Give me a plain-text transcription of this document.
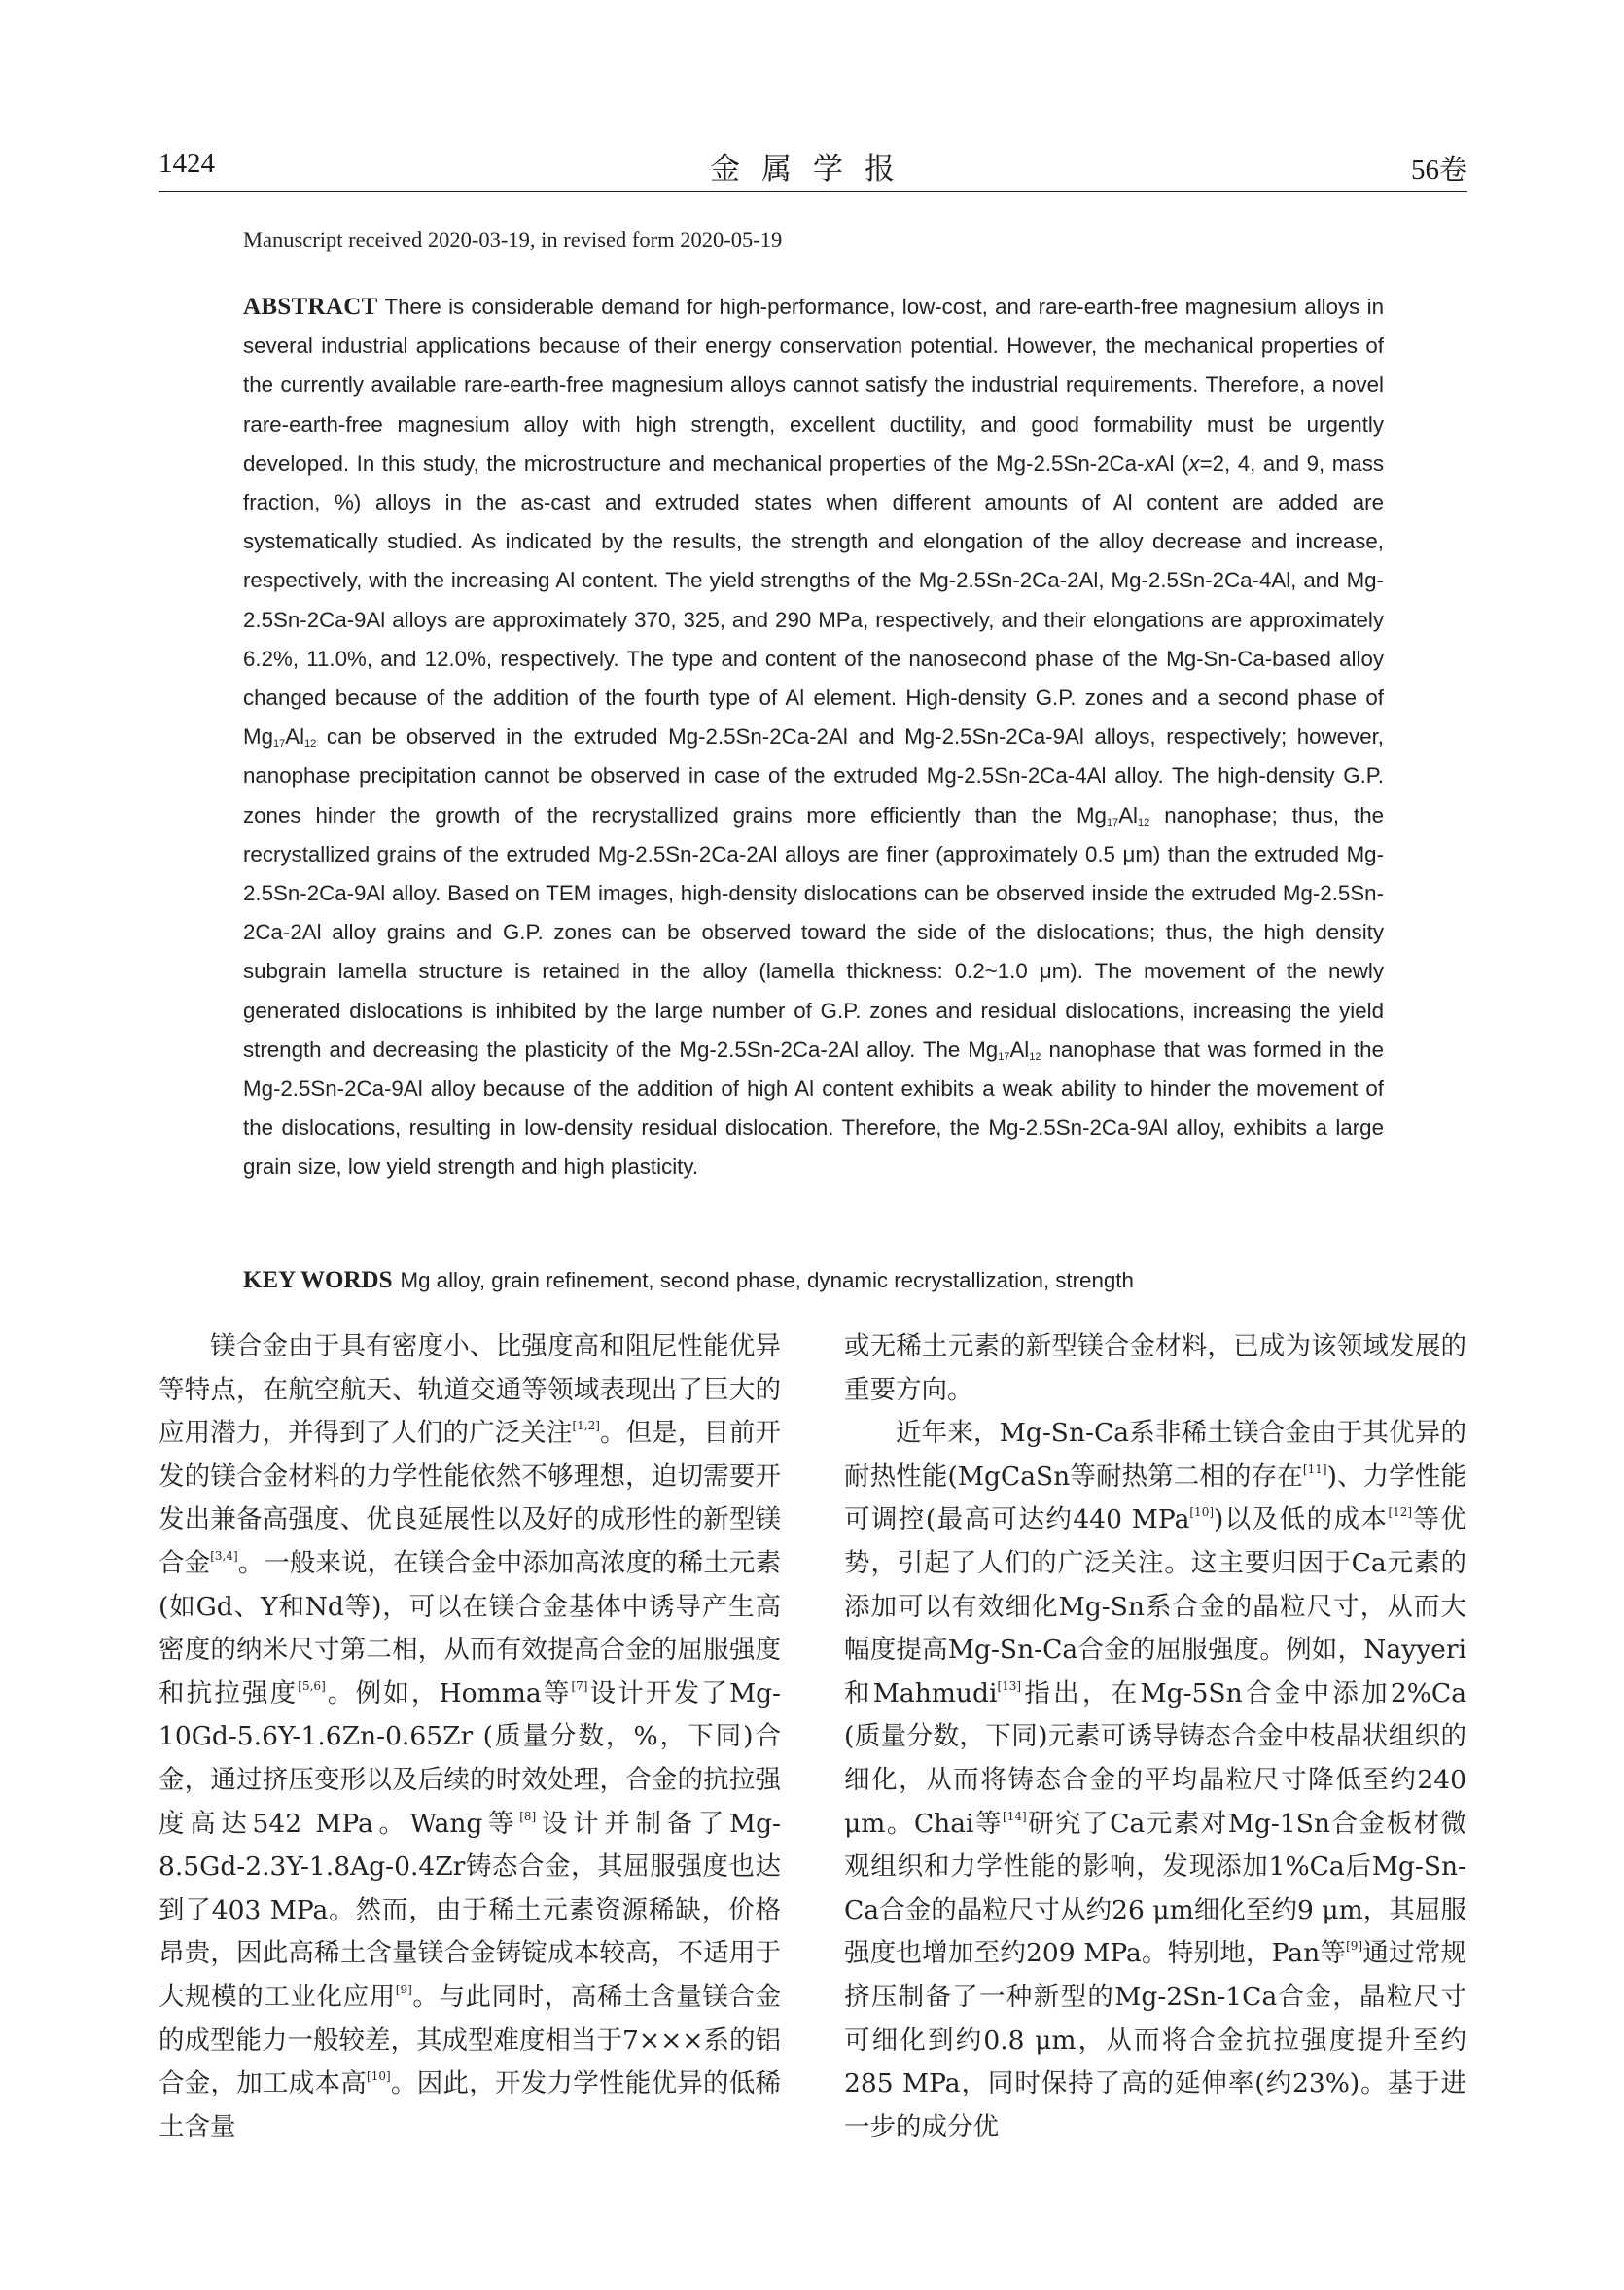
1424	金属学报	56卷
Manuscript received 2020-03-19, in revised form 2020-05-19
ABSTRACT There is considerable demand for high-performance, low-cost, and rare-earth-free magnesium alloys in several industrial applications because of their energy conservation potential. However, the mechanical properties of the currently available rare-earth-free magnesium alloys cannot satisfy the industrial requirements. Therefore, a novel rare-earth-free magnesium alloy with high strength, excellent ductility, and good formability must be urgently developed. In this study, the microstructure and mechanical properties of the Mg-2.5Sn-2Ca-xAl (x=2, 4, and 9, mass fraction, %) alloys in the as-cast and extruded states when different amounts of Al content are added are systematically studied. As indicated by the results, the strength and elongation of the alloy decrease and increase, respectively, with the increasing Al content. The yield strengths of the Mg-2.5Sn-2Ca-2Al, Mg-2.5Sn-2Ca-4Al, and Mg-2.5Sn-2Ca-9Al alloys are approximately 370, 325, and 290 MPa, respectively, and their elongations are approximately 6.2%, 11.0%, and 12.0%, respectively. The type and content of the nanosecond phase of the Mg-Sn-Ca-based alloy changed because of the addition of the fourth type of Al element. High-density G.P. zones and a second phase of $Mg_{17}Al_{12}$ can be observed in the extruded Mg-2.5Sn-2Ca-2Al and Mg-2.5Sn-2Ca-9Al alloys, respectively; however, nanophase precipitation cannot be observed in case of the extruded Mg-2.5Sn-2Ca-4Al alloy. The high-density G.P. zones hinder the growth of the recrystallized grains more efficiently than the $Mg_{17}Al_{12}$ nanophase; thus, the recrystallized grains of the extruded Mg-2.5Sn-2Ca-2Al alloys are finer (approximately 0.5 μm) than the extruded Mg-2.5Sn-2Ca-9Al alloy. Based on TEM images, high-density dislocations can be observed inside the extruded Mg-2.5Sn-2Ca-2Al alloy grains and G.P. zones can be observed toward the side of the dislocations; thus, the high density subgrain lamella structure is retained in the alloy (lamella thickness: 0.2~1.0 μm). The movement of the newly generated dislocations is inhibited by the large number of G.P. zones and residual dislocations, increasing the yield strength and decreasing the plasticity of the Mg-2.5Sn-2Ca-2Al alloy. The $Mg_{17}Al_{12}$ nanophase that was formed in the Mg-2.5Sn-2Ca-9Al alloy because of the addition of high Al content exhibits a weak ability to hinder the movement of the dislocations, resulting in low-density residual dislocation. Therefore, the Mg-2.5Sn-2Ca-9Al alloy, exhibits a large grain size, low yield strength and high plasticity.
KEY WORDS Mg alloy, grain refinement, second phase, dynamic recrystallization, strength

镁合金由于具有密度小、比强度高和阻尼性能优异等特点，在航空航天、轨道交通等领域表现出了巨大的应用潜力，并得到了人们的广泛关注[1,2]。但是，目前开发的镁合金材料的力学性能依然不够理想，迫切需要开发出兼备高强度、优良延展性以及好的成形性的新型镁合金[3,4]。一般来说，在镁合金中添加高浓度的稀土元素(如Gd、Y和Nd等)，可以在镁合金基体中诱导产生高密度的纳米尺寸第二相，从而有效提高合金的屈服强度和抗拉强度[5,6]。例如，Homma等[7]设计开发了Mg-10Gd-5.6Y-1.6Zn-0.65Zr (质量分数，%，下同)合金，通过挤压变形以及后续的时效处理，合金的抗拉强度高达542 MPa。Wang等[8]设计并制备了Mg-8.5Gd-2.3Y-1.8Ag-0.4Zr铸态合金，其屈服强度也达到了403 MPa。然而，由于稀土元素资源稀缺，价格昂贵，因此高稀土含量镁合金铸锭成本较高，不适用于大规模的工业化应用[9]。与此同时，高稀土含量镁合金的成型能力一般较差，其成型难度相当于7×××系的铝合金，加工成本高[10]。因此，开发力学性能优异的低稀土含量

或无稀土元素的新型镁合金材料，已成为该领域发展的重要方向。

近年来，Mg-Sn-Ca系非稀土镁合金由于其优异的耐热性能(MgCaSn等耐热第二相的存在[11])、力学性能可调控(最高可达约440 MPa[10])以及低的成本[12]等优势，引起了人们的广泛关注。这主要归因于Ca元素的添加可以有效细化Mg-Sn系合金的晶粒尺寸，从而大幅度提高Mg-Sn-Ca合金的屈服强度。例如，Nayyeri和Mahmudi[13]指出，在Mg-5Sn合金中添加2%Ca (质量分数，下同)元素可诱导铸态合金中枝晶状组织的细化，从而将铸态合金的平均晶粒尺寸降低至约240 μm。Chai等[14]研究了Ca元素对Mg-1Sn合金板材微观组织和力学性能的影响，发现添加1%Ca后Mg-Sn-Ca合金的晶粒尺寸从约26 μm细化至约9 μm，其屈服强度也增加至约209 MPa。特别地，Pan等[9]通过常规挤压制备了一种新型的Mg-2Sn-1Ca合金，晶粒尺寸可细化到约0.8 μm，从而将合金抗拉强度提升至约285 MPa，同时保持了高的延伸率(约23%)。基于进一步的成分优
